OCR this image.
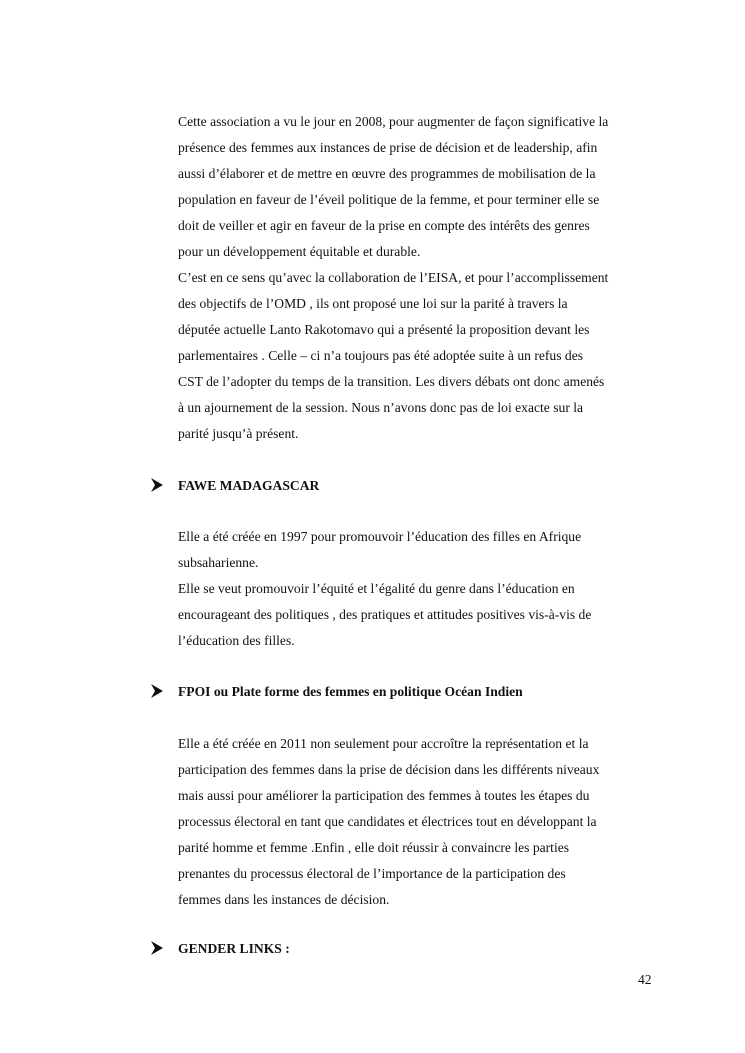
Cette association a vu le jour en 2008, pour augmenter de façon significative la
présence des femmes aux instances de prise de décision et de leadership, afin
aussi d’élaborer et de mettre en œuvre des programmes de mobilisation de la
population en faveur de l’éveil politique de la femme, et pour terminer elle se
doit de veiller et agir en faveur de la prise en compte des intérêts des genres
pour un développement équitable et durable.
C’est en ce sens qu’avec la collaboration de l’EISA, et pour l’accomplissement
des objectifs de l’OMD , ils ont proposé une loi sur la parité à travers la
députée actuelle Lanto Rakotomavo qui a présenté la proposition devant les
parlementaires . Celle – ci n’a toujours pas été adoptée suite à un refus des
CST de l’adopter du temps de la transition. Les divers débats ont donc amenés
à un ajournement de la session. Nous n’avons donc pas de loi exacte sur la
parité jusqu’à présent.

FAWE MADAGASCAR

Elle a été créée en 1997 pour promouvoir l’éducation des filles en Afrique
subsaharienne.
Elle se veut promouvoir l’équité et l’égalité du genre dans l’éducation en
encourageant des politiques , des pratiques et attitudes positives vis-à-vis de
l’éducation des filles.

FPOI ou Plate forme des femmes en politique Océan Indien

Elle a été créée en 2011 non seulement pour accroître la représentation et la
participation des femmes dans la prise de décision dans les différents niveaux
mais aussi pour améliorer la participation des femmes à toutes les étapes du
processus électoral en tant que candidates et électrices tout en développant la
parité homme et femme .Enfin , elle doit réussir à convaincre les parties
prenantes du processus électoral de l’importance de la participation des
femmes dans les instances de décision.

GENDER LINKS :
42
